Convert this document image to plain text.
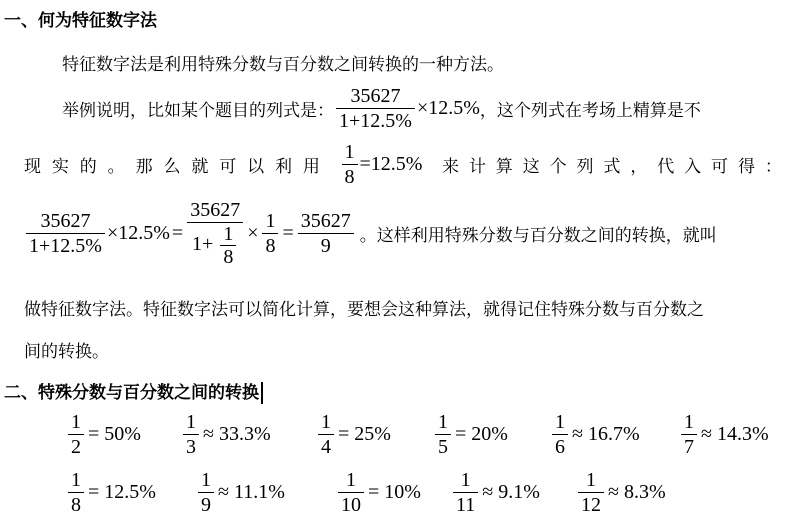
一、何为特征数字法
特征数字法是利用特殊分数与百分数之间转换的一种方法。
举例说明，比如某个题目的列式是： $\frac{35627}{1+12.5\%} \times 12.5\%$ ，这个列式在考场上精算是不
现 实 的 。 那 么 就 可 以 利 用 $\frac{1}{8} =12.5\%$ 来 计 算 这 个 列 式 ， 代 入 可 得 ：
$\frac{35627}{1+12.5\%} \times 12.5\% = \frac{35627}{1+ \frac{1}{8}} \times \frac{1}{8} = \frac{35627}{9}$ 。这样利用特殊分数与百分数之间的转换，就叫
做特征数字法。特征数字法可以简化计算，要想会这种算法，就得记住特殊分数与百分数之
间的转换。
二、特殊分数与百分数之间的转换
$\frac{1}{2} = 50\% \frac{1}{3} \approx 33.3\% \frac{1}{4} = 25\% \frac{1}{5} = 20\% \frac{1}{6} \approx 16.7\% \frac{1}{7} \approx 14.3\%$
$\frac{1}{8} = 12.5\% \frac{1}{9} \approx 11.1\%$	$\frac{1}{10} = 10\% \frac{1}{11} \approx 9.1\% \frac{1}{12} \approx 8.3\%$
